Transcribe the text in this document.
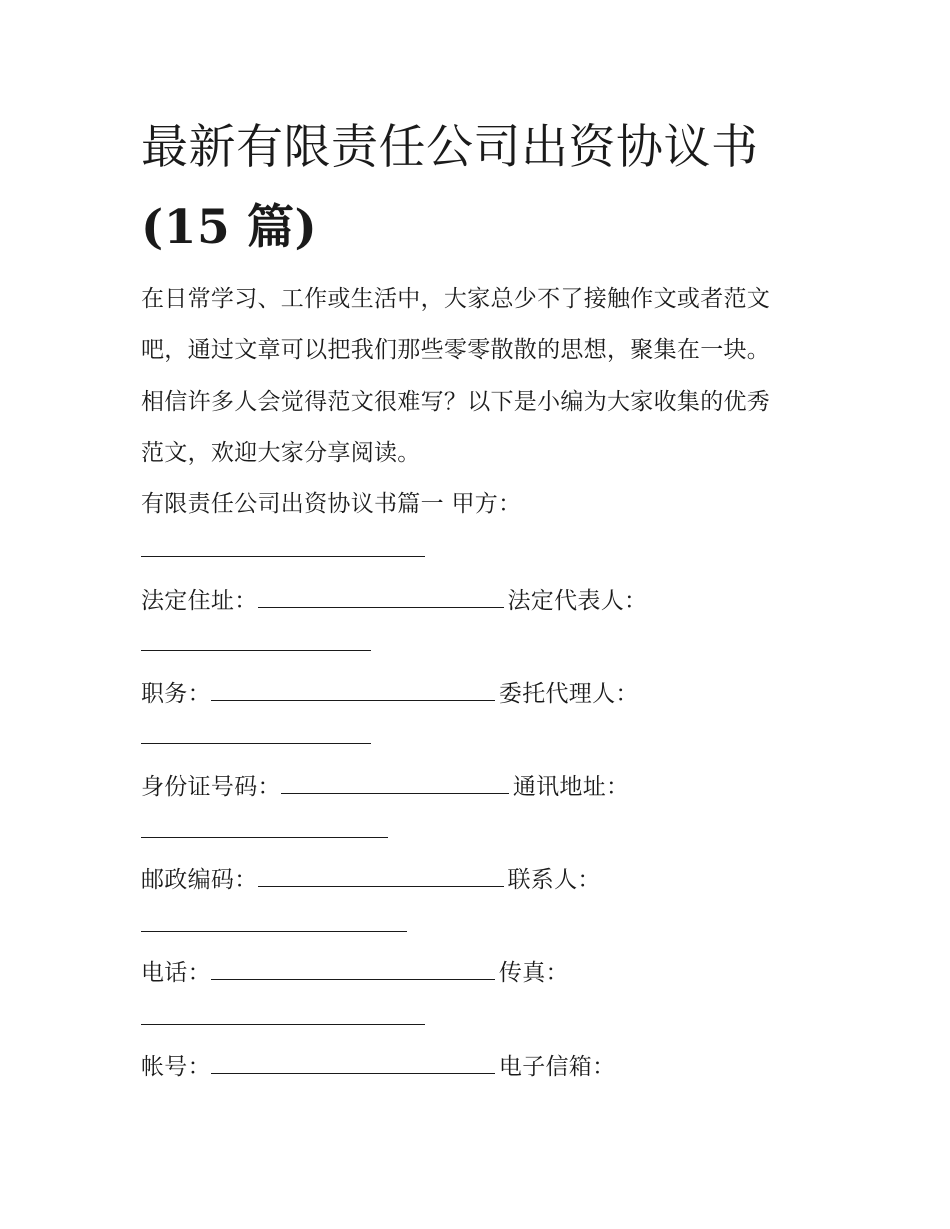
最新有限责任公司出资协议书
(15 篇)
在日常学习、工作或生活中，大家总少不了接触作文或者范文
吧，通过文章可以把我们那些零零散散的思想，聚集在一块。
相信许多人会觉得范文很难写？以下是小编为大家收集的优秀
范文，欢迎大家分享阅读。
有限责任公司出资协议书篇一 甲方：
法定住址：	法定代表人：
职务：	委托代理人：
身份证号码：	通讯地址：
邮政编码：	联系人：
电话：	传真：
帐号：	电子信箱：
